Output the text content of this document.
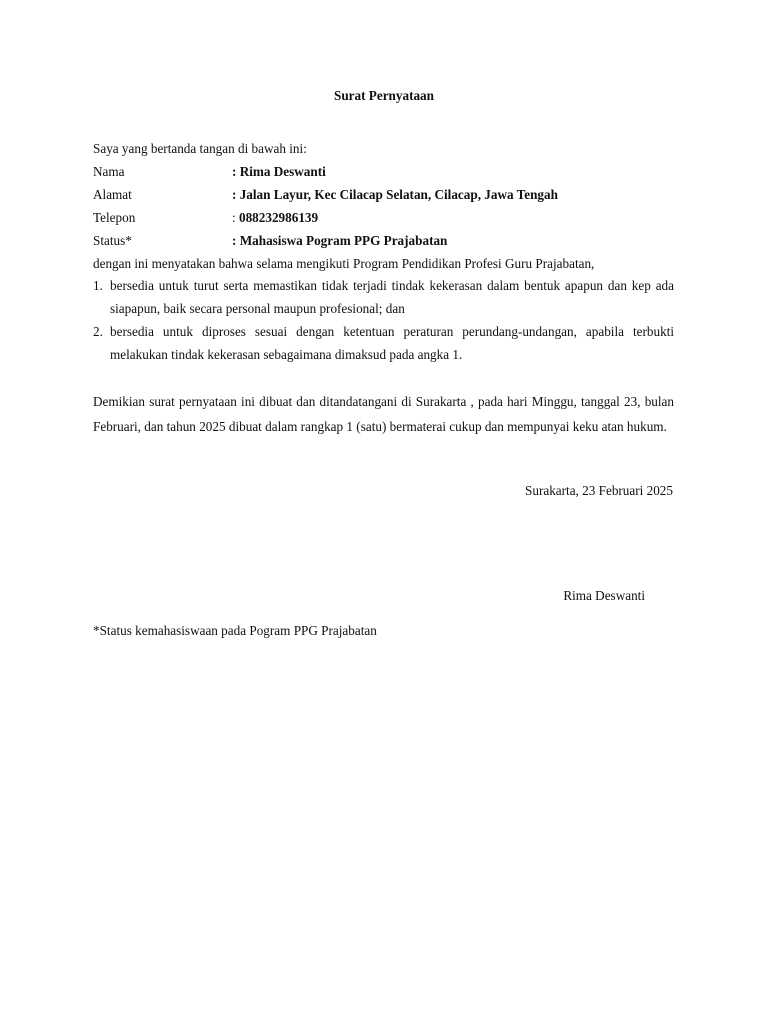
Surat Pernyataan
Saya yang bertanda tangan di bawah ini:
Nama	: Rima Deswanti
Alamat	: Jalan Layur, Kec Cilacap Selatan, Cilacap, Jawa Tengah
Telepon	: 088232986139
Status*	: Mahasiswa Pogram PPG Prajabatan
dengan ini menyatakan bahwa selama mengikuti Program Pendidikan Profesi Guru Prajabatan,
1. bersedia untuk turut serta memastikan tidak terjadi tindak kekerasan dalam bentuk apapun dan kep ada siapapun, baik secara personal maupun profesional; dan
2. bersedia untuk diproses sesuai dengan ketentuan peraturan perundang-undangan, apabila terbukti melakukan tindak kekerasan sebagaimana dimaksud pada angka 1.
Demikian surat pernyataan ini dibuat dan ditandatangani di Surakarta , pada hari Minggu, tanggal 23, bulan Februari, dan tahun 2025 dibuat dalam rangkap 1 (satu) bermaterai cukup dan mempunyai keku atan hukum.
Surakarta, 23 Februari 2025
Rima Deswanti
*Status kemahasiswaan pada Pogram PPG Prajabatan
